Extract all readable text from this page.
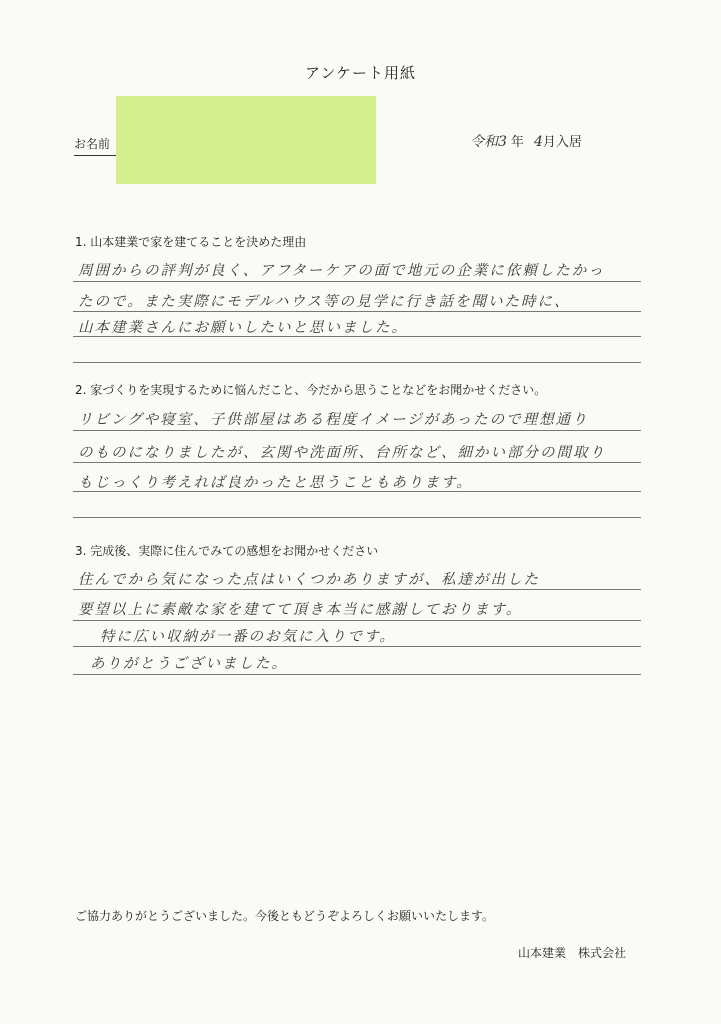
アンケート用紙
お名前	令和3 年 4月入居
1. 山本建業で家を建てることを決めた理由
周囲からの評判が良く、アフターケアの面で地元の企業に依頼したかっ
たので。また実際にモデルハウス等の見学に行き話を聞いた時に、
山本建業さんにお願いしたいと思いました。
2. 家づくりを実現するために悩んだこと、今だから思うことなどをお聞かせください。
リビングや寝室、子供部屋はある程度イメージがあったので理想通り
のものになりましたが、玄関や洗面所、台所など、細かい部分の間取り
もじっくり考えれば良かったと思うこともあります。
3. 完成後、実際に住んでみての感想をお聞かせください
住んでから気になった点はいくつかありますが、私達が出した
要望以上に素敵な家を建てて頂き本当に感謝しております。
特に広い収納が一番のお気に入りです。
ありがとうございました。
ご協力ありがとうございました。今後ともどうぞよろしくお願いいたします。
山本建業　株式会社
